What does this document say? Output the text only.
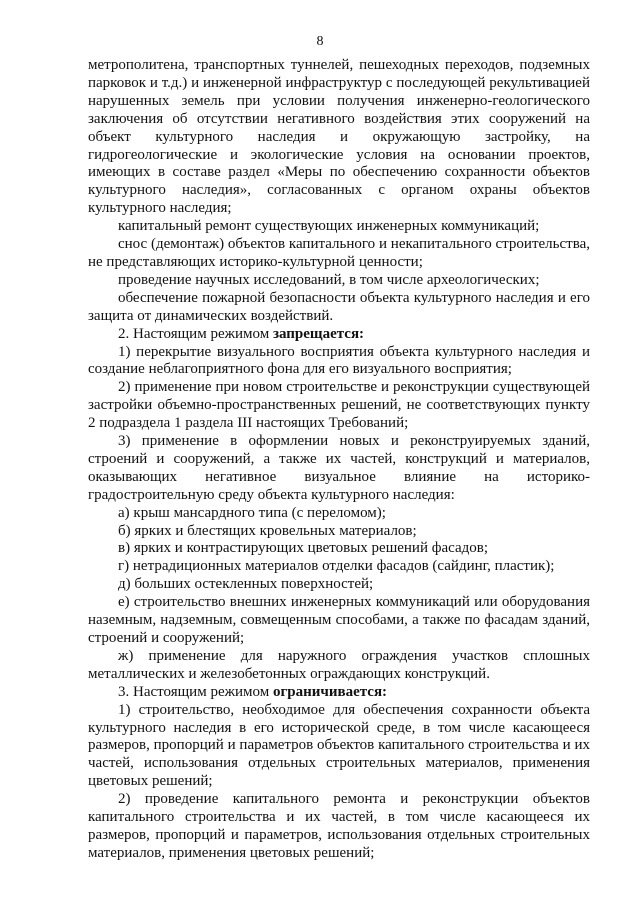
8

метрополитена, транспортных туннелей, пешеходных переходов, подземных парковок и т.д.) и инженерной инфраструктур с последующей рекультивацией нарушенных земель при условии получения инженерно-геологического заключения об отсутствии негативного воздействия этих сооружений на объект культурного наследия и окружающую застройку, на гидрогеологические и экологические условия на основании проектов, имеющих в составе раздел «Меры по обеспечению сохранности объектов культурного наследия», согласованных с органом охраны объектов культурного наследия;

капитальный ремонт существующих инженерных коммуникаций;

снос (демонтаж) объектов капитального и некапитального строительства, не представляющих историко-культурной ценности;

проведение научных исследований, в том числе археологических;

обеспечение пожарной безопасности объекта культурного наследия и его защита от динамических воздействий.

2. Настоящим режимом запрещается:

1) перекрытие визуального восприятия объекта культурного наследия и создание неблагоприятного фона для его визуального восприятия;

2) применение при новом строительстве и реконструкции существующей застройки объемно-пространственных решений, не соответствующих пункту 2 подраздела 1 раздела III настоящих Требований;

3) применение в оформлении новых и реконструируемых зданий, строений и сооружений, а также их частей, конструкций и материалов, оказывающих негативное визуальное влияние на историко-градостроительную среду объекта культурного наследия:

а) крыш мансардного типа (с переломом);

б) ярких и блестящих кровельных материалов;

в) ярких и контрастирующих цветовых решений фасадов;

г) нетрадиционных материалов отделки фасадов (сайдинг, пластик);

д) больших остекленных поверхностей;

е) строительство внешних инженерных коммуникаций или оборудования наземным, надземным, совмещенным способами, а также по фасадам зданий, строений и сооружений;

ж) применение для наружного ограждения участков сплошных металлических и железобетонных ограждающих конструкций.

3. Настоящим режимом ограничивается:

1) строительство, необходимое для обеспечения сохранности объекта культурного наследия в его исторической среде, в том числе касающееся размеров, пропорций и параметров объектов капитального строительства и их частей, использования отдельных строительных материалов, применения цветовых решений;

2) проведение капитального ремонта и реконструкции объектов капитального строительства и их частей, в том числе касающееся их размеров, пропорций и параметров, использования отдельных строительных материалов, применения цветовых решений;
